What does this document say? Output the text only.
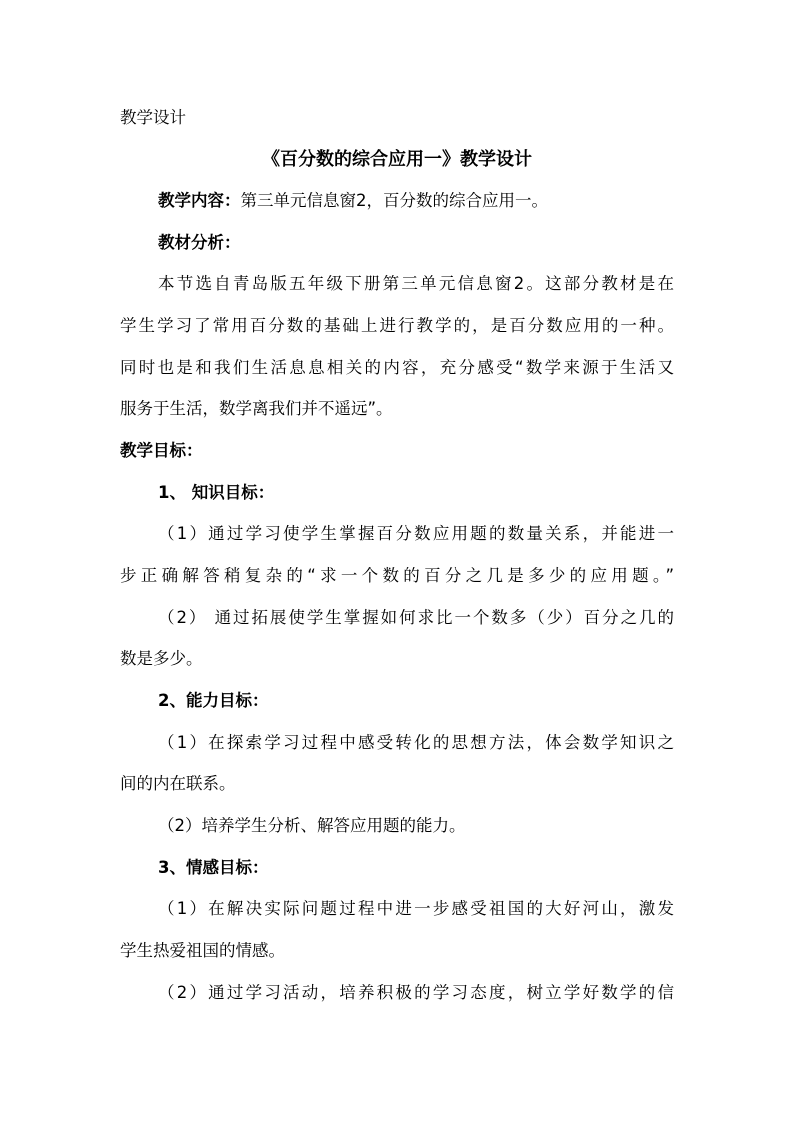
教学设计
《百分数的综合应用一》教学设计
教学内容：第三单元信息窗2，百分数的综合应用一。
教材分析：
本节选自青岛版五年级下册第三单元信息窗2。这部分教材是在
学生学习了常用百分数的基础上进行教学的，是百分数应用的一种。
同时也是和我们生活息息相关的内容，充分感受“数学来源于生活又
服务于生活，数学离我们并不遥远”。
教学目标：
1、 知识目标：
（1）通过学习使学生掌握百分数应用题的数量关系，并能进一
步正确解答稍复杂的“求一个数的百分之几是多少的应用题。”
（2） 通过拓展使学生掌握如何求比一个数多（少）百分之几的
数是多少。
2、能力目标：
（1）在探索学习过程中感受转化的思想方法，体会数学知识之
间的内在联系。
（2）培养学生分析、解答应用题的能力。
3、情感目标：
（1）在解决实际问题过程中进一步感受祖国的大好河山，激发
学生热爱祖国的情感。
（2）通过学习活动，培养积极的学习态度，树立学好数学的信
